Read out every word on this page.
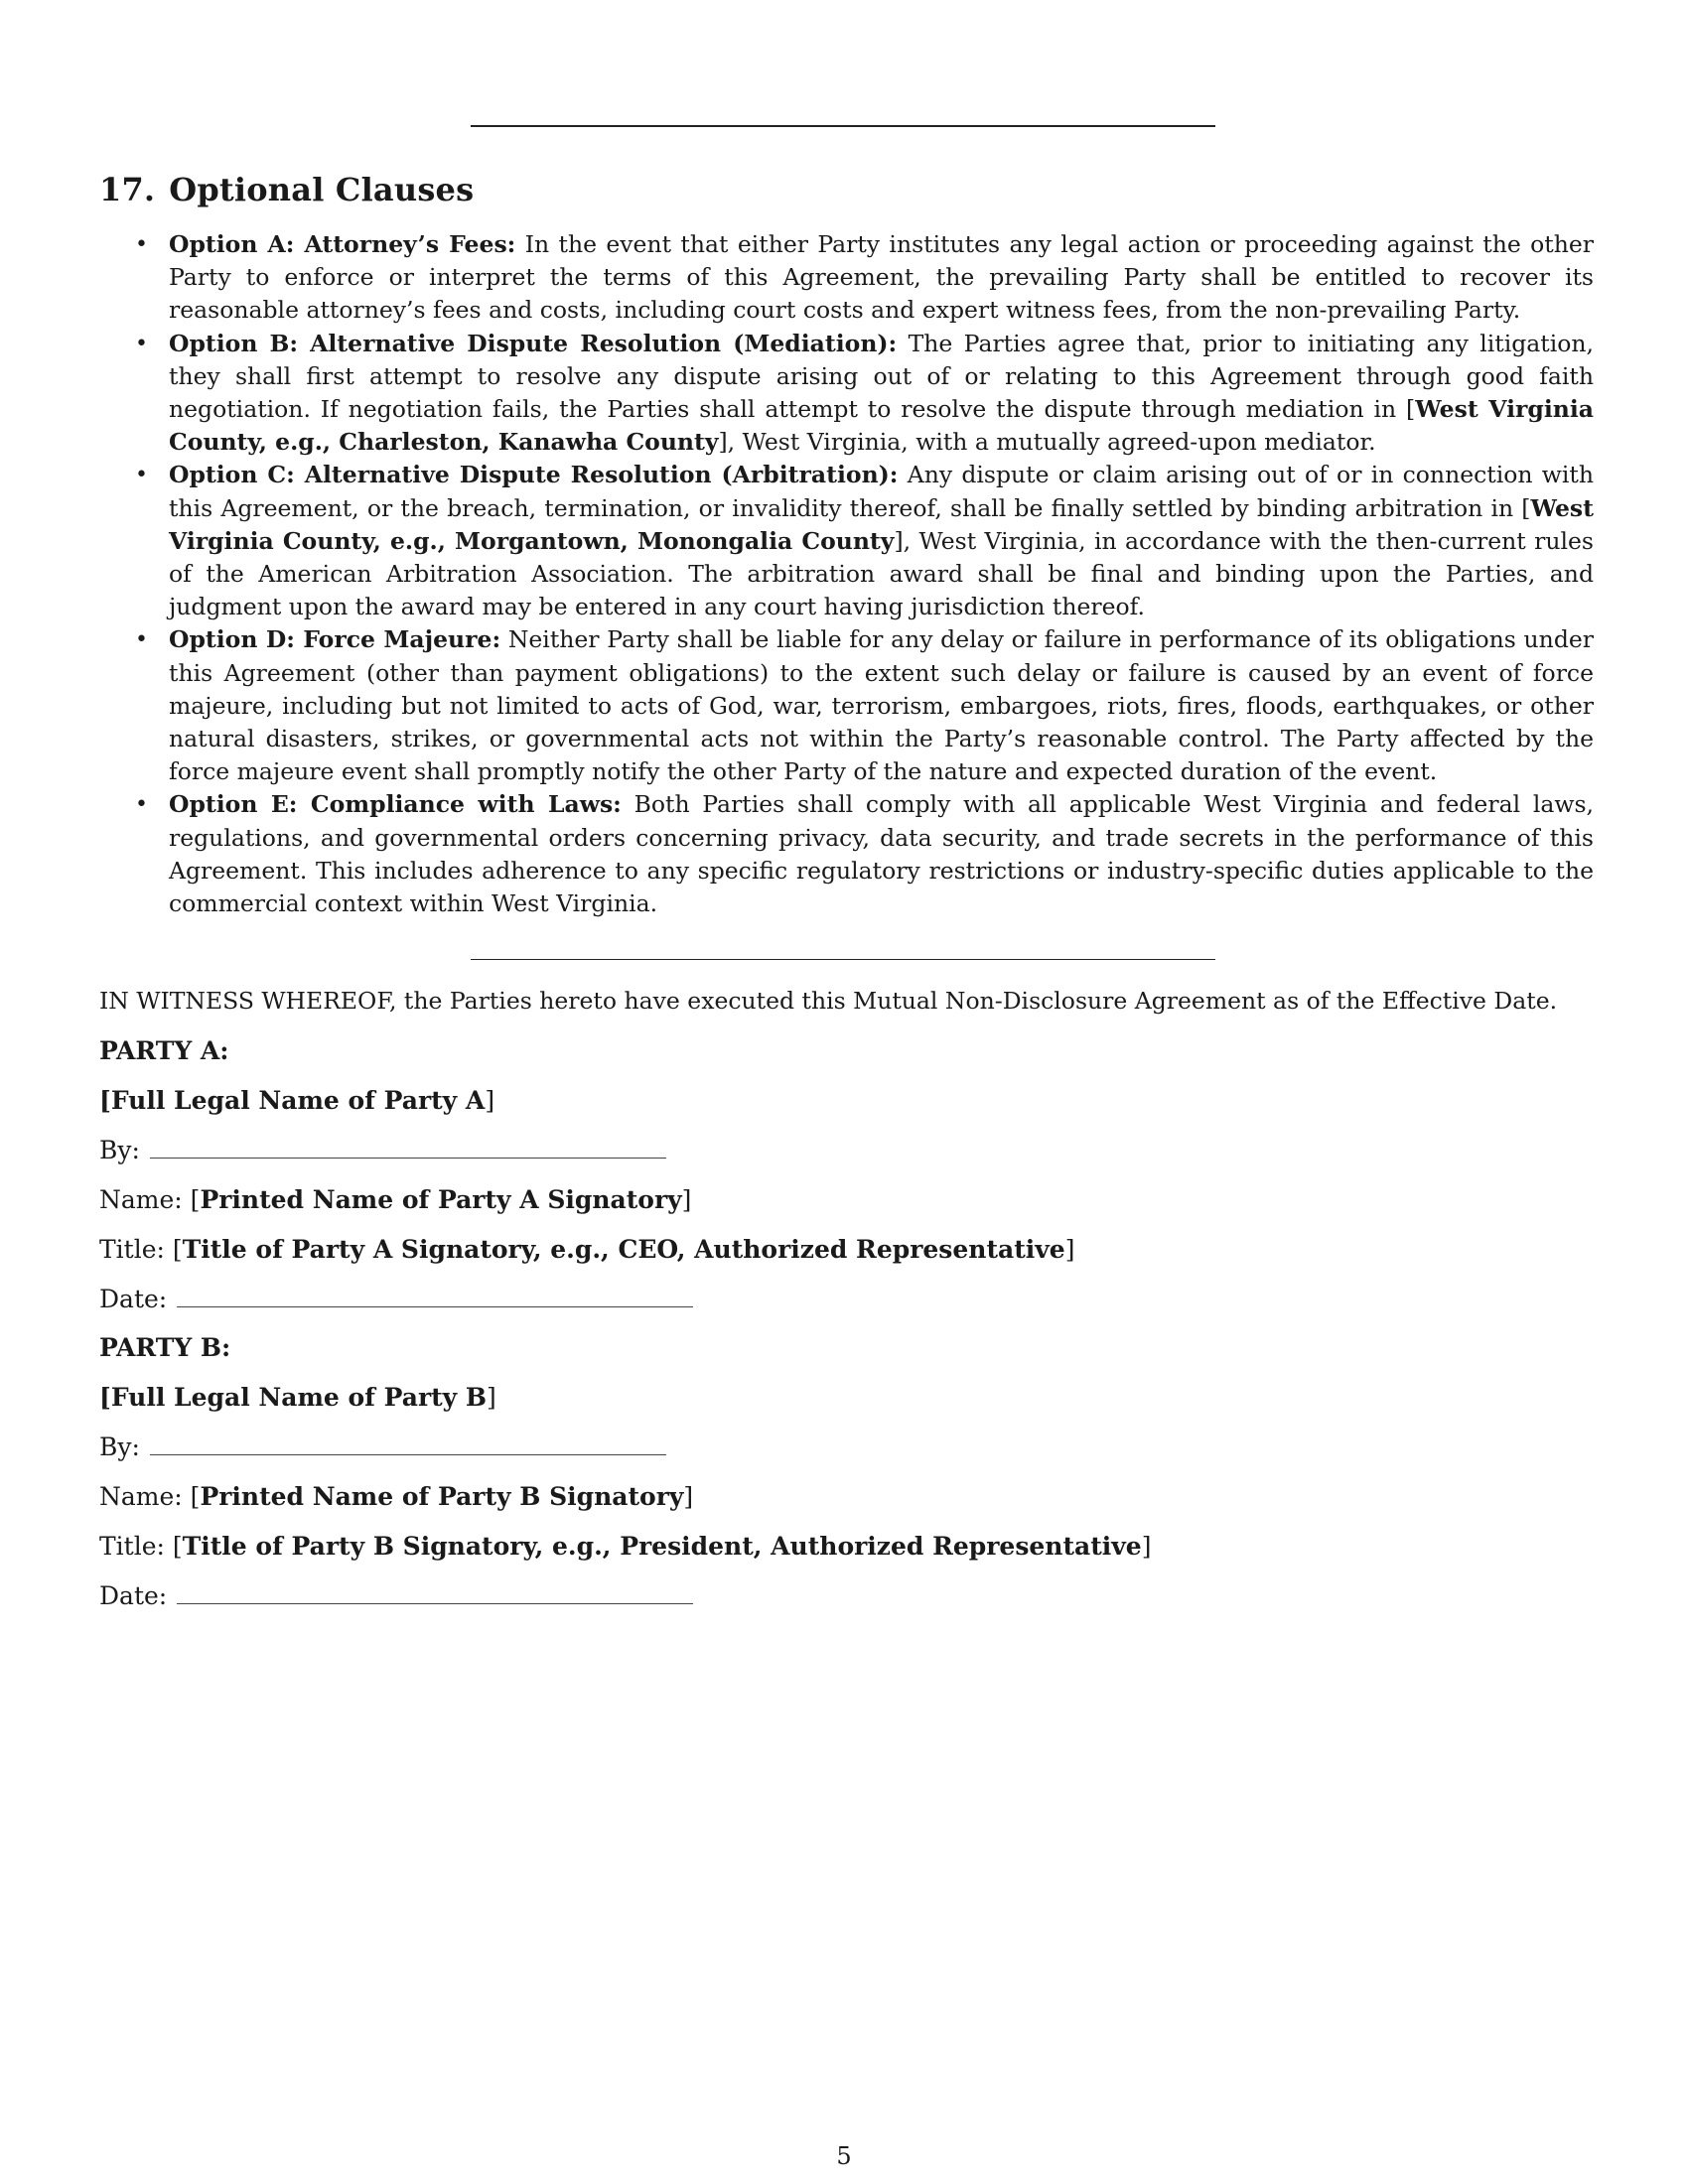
17. Optional Clauses
• Option A: Attorney’s Fees: In the event that either Party institutes any legal action or proceeding against the other Party to enforce or interpret the terms of this Agreement, the prevailing Party shall be entitled to recover its reasonable attorney’s fees and costs, including court costs and expert witness fees, from the non-prevailing Party.
• Option B: Alternative Dispute Resolution (Mediation): The Parties agree that, prior to initiating any litigation, they shall first attempt to resolve any dispute arising out of or relating to this Agreement through good faith negotiation. If negotiation fails, the Parties shall attempt to resolve the dispute through mediation in [West Virginia County, e.g., Charleston, Kanawha County], West Virginia, with a mutually agreed-upon mediator.
• Option C: Alternative Dispute Resolution (Arbitration): Any dispute or claim arising out of or in connection with this Agreement, or the breach, termination, or invalidity thereof, shall be finally settled by binding arbitration in [West Virginia County, e.g., Morgantown, Monongalia County], West Virginia, in accordance with the then-current rules of the American Arbitration Association. The arbitration award shall be final and binding upon the Parties, and judgment upon the award may be entered in any court having jurisdiction thereof.
• Option D: Force Majeure: Neither Party shall be liable for any delay or failure in performance of its obligations under this Agreement (other than payment obligations) to the extent such delay or failure is caused by an event of force majeure, including but not limited to acts of God, war, terrorism, embargoes, riots, fires, floods, earthquakes, or other natural disasters, strikes, or governmental acts not within the Party’s reasonable control. The Party affected by the force majeure event shall promptly notify the other Party of the nature and expected duration of the event.
• Option E: Compliance with Laws: Both Parties shall comply with all applicable West Virginia and federal laws, regulations, and governmental orders concerning privacy, data security, and trade secrets in the performance of this Agreement. This includes adherence to any specific regulatory restrictions or industry-specific duties applicable to the commercial context within West Virginia.
IN WITNESS WHEREOF, the Parties hereto have executed this Mutual Non-Disclosure Agreement as of the Effective Date.
PARTY A:
[Full Legal Name of Party A]
By:
Name: [Printed Name of Party A Signatory]
Title: [Title of Party A Signatory, e.g., CEO, Authorized Representative]
Date:
PARTY B:
[Full Legal Name of Party B]
By:
Name: [Printed Name of Party B Signatory]
Title: [Title of Party B Signatory, e.g., President, Authorized Representative]
Date:
5
